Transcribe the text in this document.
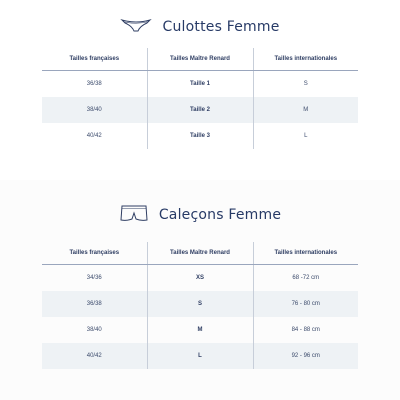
Culottes Femme
Tailles françaises	Tailles Maître Renard	Tailles internationales
36/38	Taille 1	S
38/40	Taille 2	M
40/42	Taille 3	L
Caleçons Femme
Tailles françaises	Tailles Maître Renard	Tailles internationales
34/36	XS	68 -72 cm
36/38	S	76 - 80 cm
38/40	M	84 - 88 cm
40/42	L	92 - 96 cm
